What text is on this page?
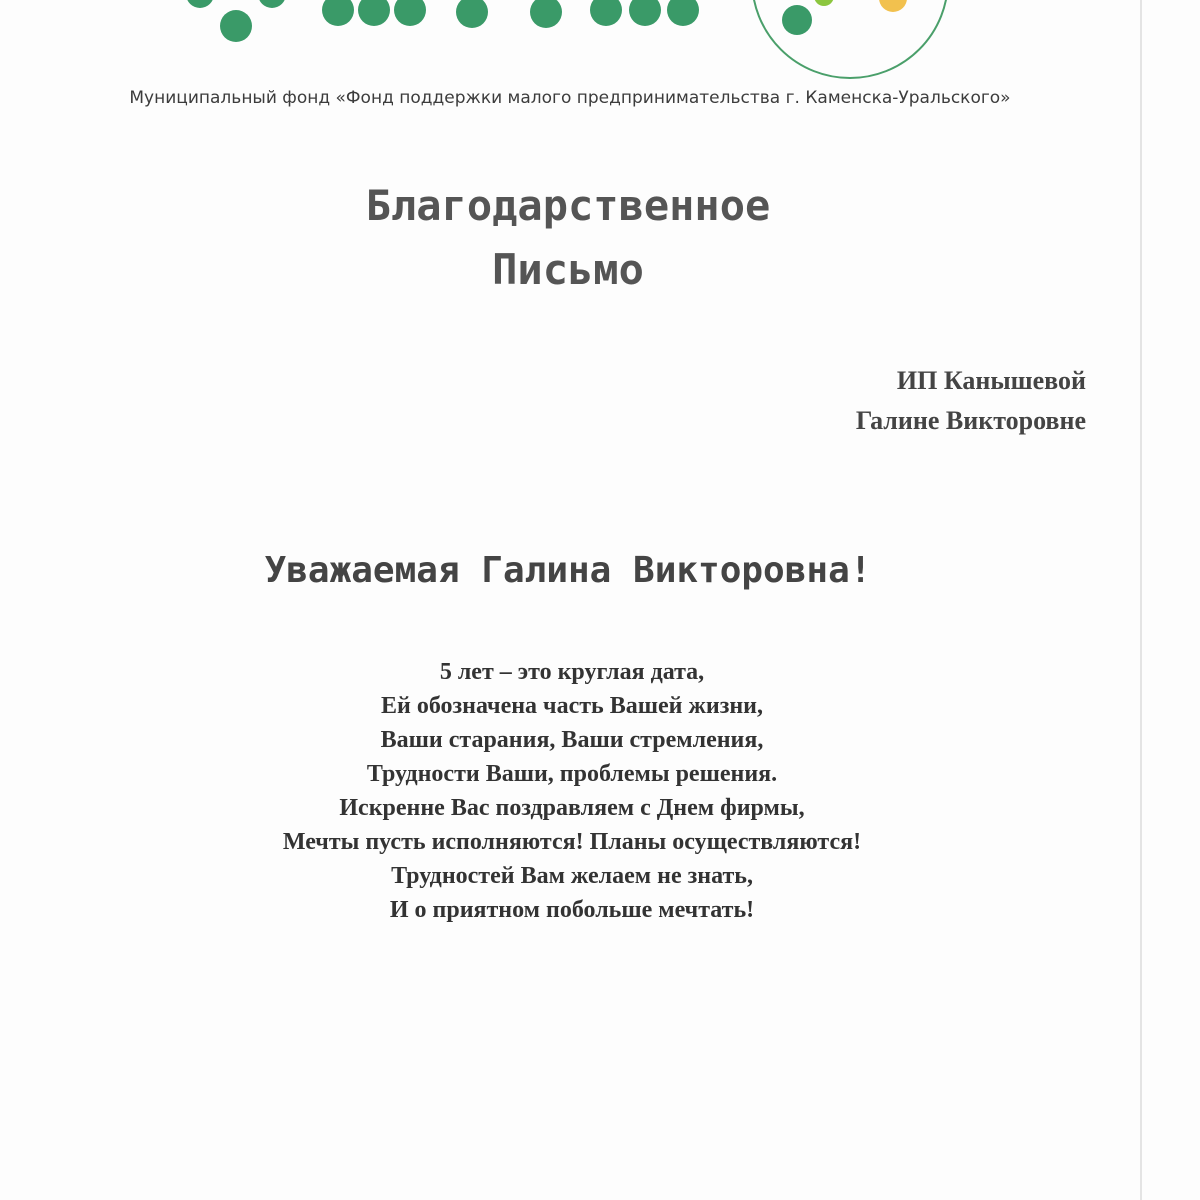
Муниципальный фонд «Фонд поддержки малого предпринимательства г. Каменска-Уральского»
Благодарственное
Письмо
ИП Канышевой
Галине Викторовне
Уважаемая Галина Викторовна!
5 лет – это круглая дата,
Ей обозначена часть Вашей жизни,
Ваши старания, Ваши стремления,
Трудности Ваши, проблемы решения.
Искренне Вас поздравляем с Днем фирмы,
Мечты пусть исполняются! Планы осуществляются!
Трудностей Вам желаем не знать,
И о приятном побольше мечтать!
